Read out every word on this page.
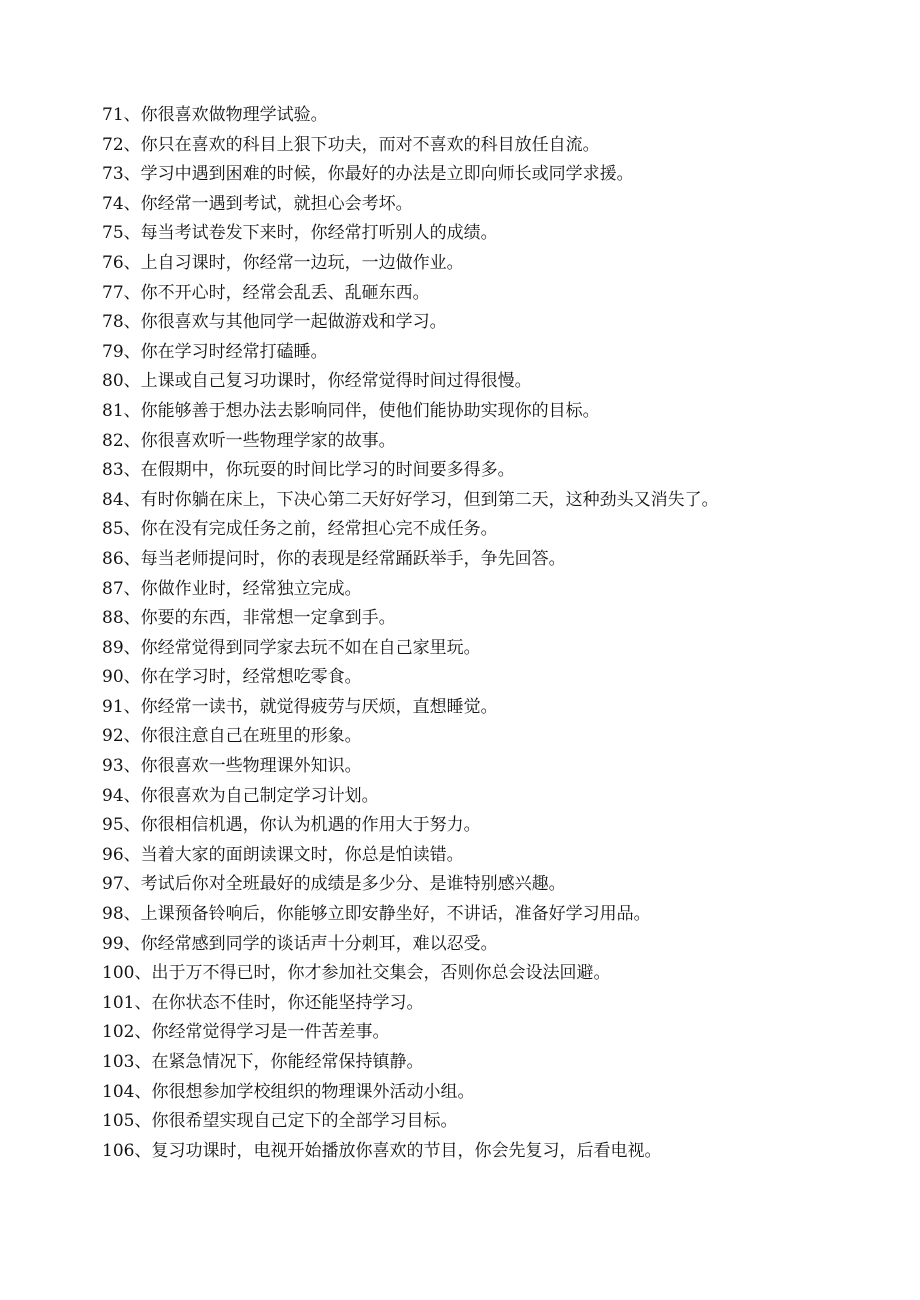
71、你很喜欢做物理学试验。
72、你只在喜欢的科目上狠下功夫，而对不喜欢的科目放任自流。
73、学习中遇到困难的时候，你最好的办法是立即向师长或同学求援。
74、你经常一遇到考试，就担心会考坏。
75、每当考试卷发下来时，你经常打听别人的成绩。
76、上自习课时，你经常一边玩，一边做作业。
77、你不开心时，经常会乱丢、乱砸东西。
78、你很喜欢与其他同学一起做游戏和学习。
79、你在学习时经常打磕睡。
80、上课或自己复习功课时，你经常觉得时间过得很慢。
81、你能够善于想办法去影响同伴，使他们能协助实现你的目标。
82、你很喜欢听一些物理学家的故事。
83、在假期中，你玩耍的时间比学习的时间要多得多。
84、有时你躺在床上，下决心第二天好好学习，但到第二天，这种劲头又消失了。
85、你在没有完成任务之前，经常担心完不成任务。
86、每当老师提问时，你的表现是经常踊跃举手，争先回答。
87、你做作业时，经常独立完成。
88、你要的东西，非常想一定拿到手。
89、你经常觉得到同学家去玩不如在自己家里玩。
90、你在学习时，经常想吃零食。
91、你经常一读书，就觉得疲劳与厌烦，直想睡觉。
92、你很注意自己在班里的形象。
93、你很喜欢一些物理课外知识。
94、你很喜欢为自己制定学习计划。
95、你很相信机遇，你认为机遇的作用大于努力。
96、当着大家的面朗读课文时，你总是怕读错。
97、考试后你对全班最好的成绩是多少分、是谁特别感兴趣。
98、上课预备铃响后，你能够立即安静坐好，不讲话，准备好学习用品。
99、你经常感到同学的谈话声十分刺耳，难以忍受。
100、出于万不得已时，你才参加社交集会，否则你总会设法回避。
101、在你状态不佳时，你还能坚持学习。
102、你经常觉得学习是一件苦差事。
103、在紧急情况下，你能经常保持镇静。
104、你很想参加学校组织的物理课外活动小组。
105、你很希望实现自己定下的全部学习目标。
106、复习功课时，电视开始播放你喜欢的节目，你会先复习，后看电视。
